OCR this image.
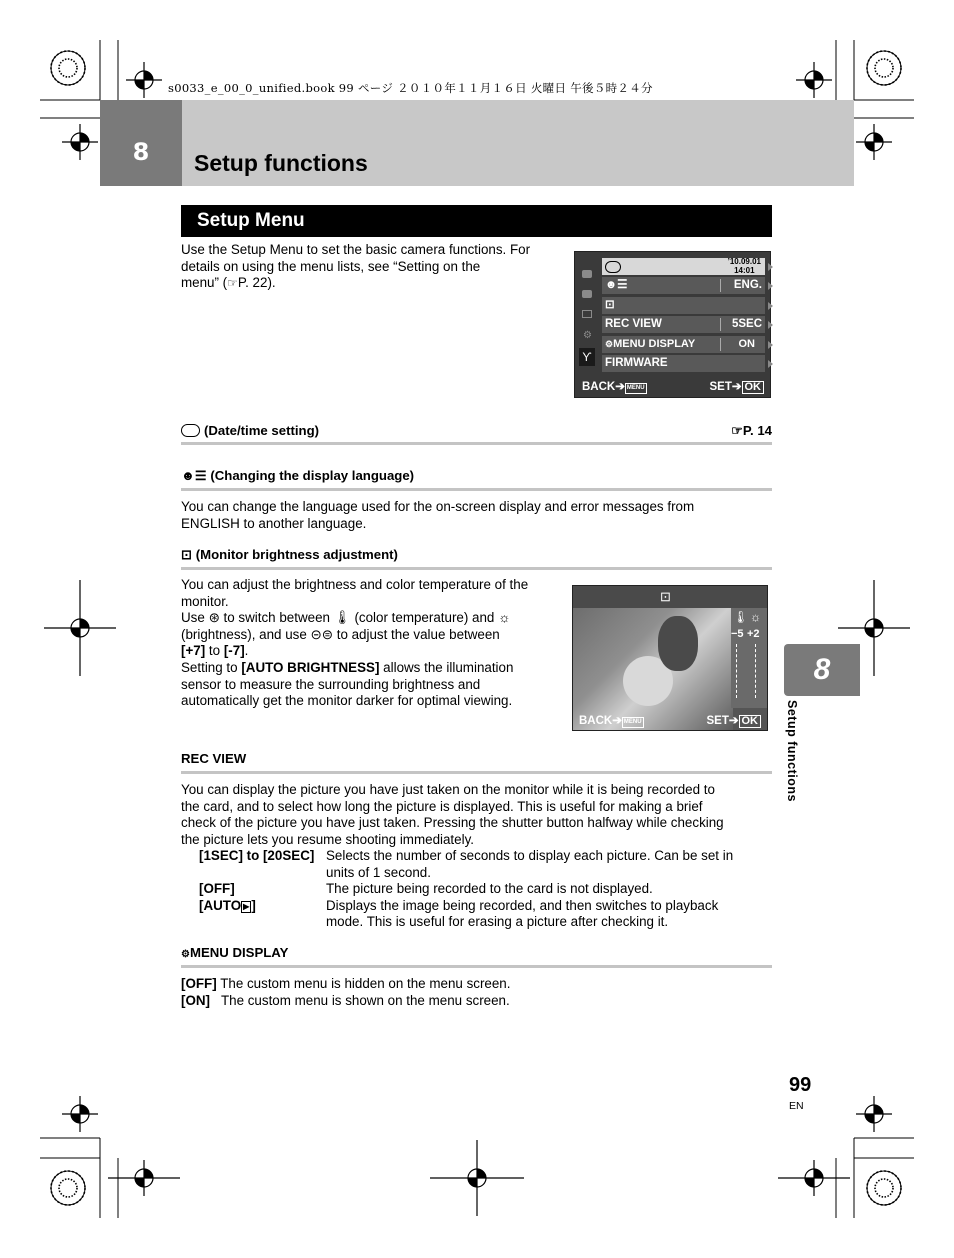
s0033_e_00_0_unified.book 99 ページ ２０１０年１１月１６日 火曜日 午後５時２４分
8	Setup functions
Setup Menu
Use the Setup Menu to set the basic camera functions. For
details on using the menu lists, see “Setting on the
menu” (☞P. 22).
⚙
Ƴ
’10.09.01
14:01
☻☰	ENG.
⊡
REC VIEW	5SEC
⚙MENU DISPLAY	ON
FIRMWARE
BACK➔ MENU	SET➔ OK
(Date/time setting)	☞P. 14
☻☰ (Changing the display language)
You can change the language used for the on-screen display and error messages from
ENGLISH to another language.
⊡ (Monitor brightness adjustment)
You can adjust the brightness and color temperature of the
monitor.
Use ⊛ to switch between 🌡 (color temperature) and ☼
(brightness), and use ⊝⊜ to adjust the value between
[+7] to [-7].
Setting to [AUTO BRIGHTNESS] allows the illumination
sensor to measure the surrounding brightness and
automatically get the monitor darker for optimal viewing.
⊡
🌡 ☼
−5 +2
BACK➔ MENU	SET➔ OK
REC VIEW
You can display the picture you have just taken on the monitor while it is being recorded to
the card, and to select how long the picture is displayed. This is useful for making a brief
check of the picture you have just taken. Pressing the shutter button halfway while checking
the picture lets you resume shooting immediately.
[1SEC] to [20SEC] Selects the number of seconds to display each picture. Can be set in
units of 1 second.
[OFF]	The picture being recorded to the card is not displayed.
[AUTO ▶ ]	Displays the image being recorded, and then switches to playback
mode. This is useful for erasing a picture after checking it.
⚙MENU DISPLAY
[OFF] The custom menu is hidden on the menu screen.
[ON] The custom menu is shown on the menu screen.
8
Setup functions
99
EN
